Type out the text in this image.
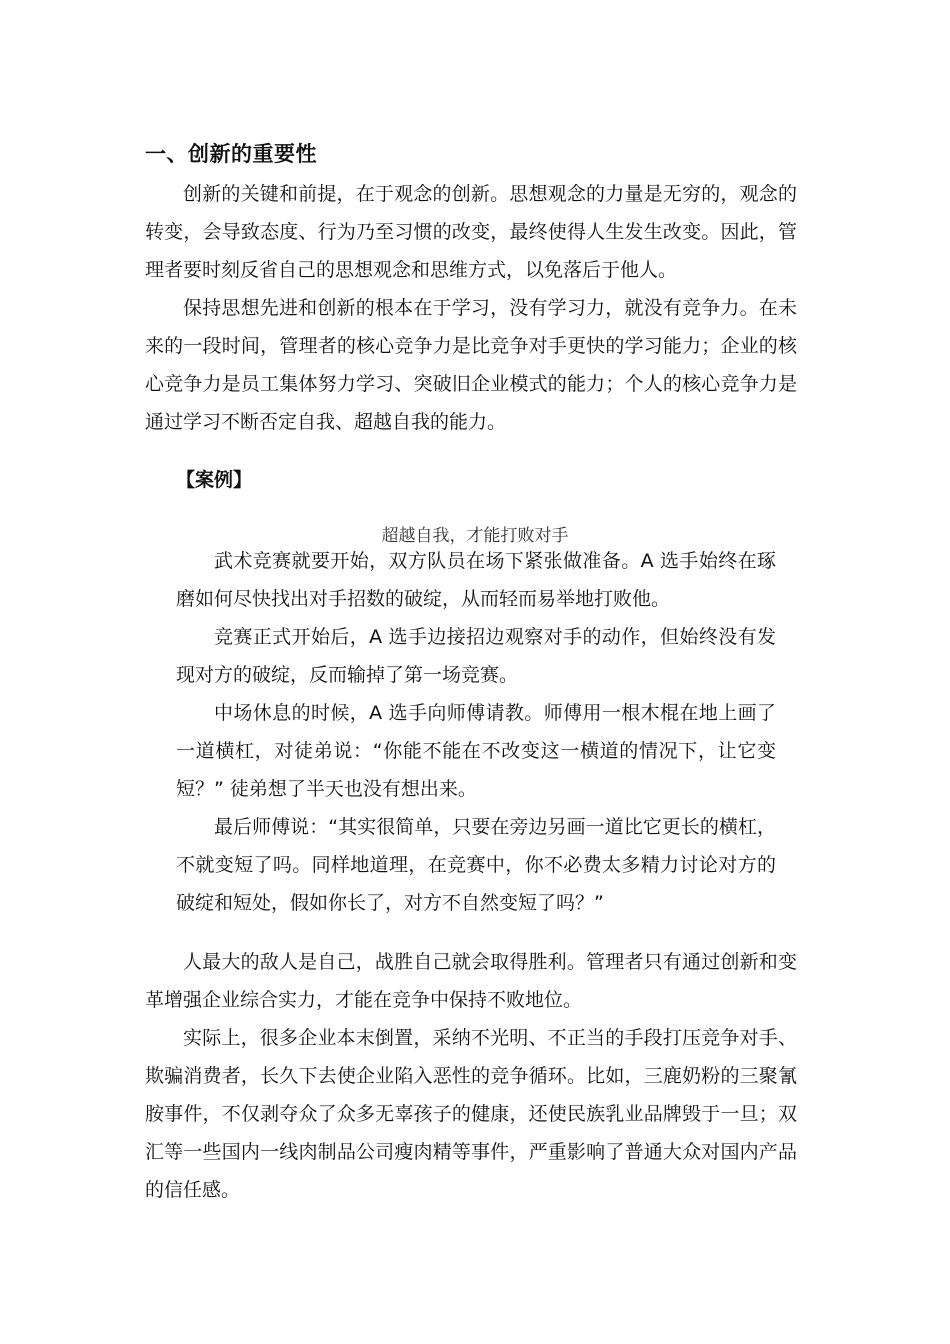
一、创新的重要性

创新的关键和前提，在于观念的创新。思想观念的力量是无穷的，观念的转变，会导致态度、行为乃至习惯的改变，最终使得人生发生改变。因此，管理者要时刻反省自己的思想观念和思维方式，以免落后于他人。

保持思想先进和创新的根本在于学习，没有学习力，就没有竞争力。在未来的一段时间，管理者的核心竞争力是比竞争对手更快的学习能力；企业的核心竞争力是员工集体努力学习、突破旧企业模式的能力；个人的核心竞争力是通过学习不断否定自我、超越自我的能力。

【案例】
超越自我，才能打败对手

武术竞赛就要开始，双方队员在场下紧张做准备。A 选手始终在琢磨如何尽快找出对手招数的破绽，从而轻而易举地打败他。

竞赛正式开始后，A 选手边接招边观察对手的动作，但始终没有发现对方的破绽，反而输掉了第一场竞赛。

中场休息的时候，A 选手向师傅请教。师傅用一根木棍在地上画了一道横杠，对徒弟说：“你能不能在不改变这一横道的情况下，让它变短？” 徒弟想了半天也没有想出来。

最后师傅说：“其实很简单，只要在旁边另画一道比它更长的横杠，不就变短了吗。同样地道理，在竞赛中，你不必费太多精力讨论对方的破绽和短处，假如你长了，对方不自然变短了吗？”

人最大的敌人是自己，战胜自己就会取得胜利。管理者只有通过创新和变革增强企业综合实力，才能在竞争中保持不败地位。

实际上，很多企业本末倒置，采纳不光明、不正当的手段打压竞争对手、欺骗消费者，长久下去使企业陷入恶性的竞争循环。比如，三鹿奶粉的三聚氰胺事件，不仅剥夺众了众多无辜孩子的健康，还使民族乳业品牌毁于一旦；双汇等一些国内一线肉制品公司瘦肉精等事件，严重影响了普通大众对国内产品的信任感。
